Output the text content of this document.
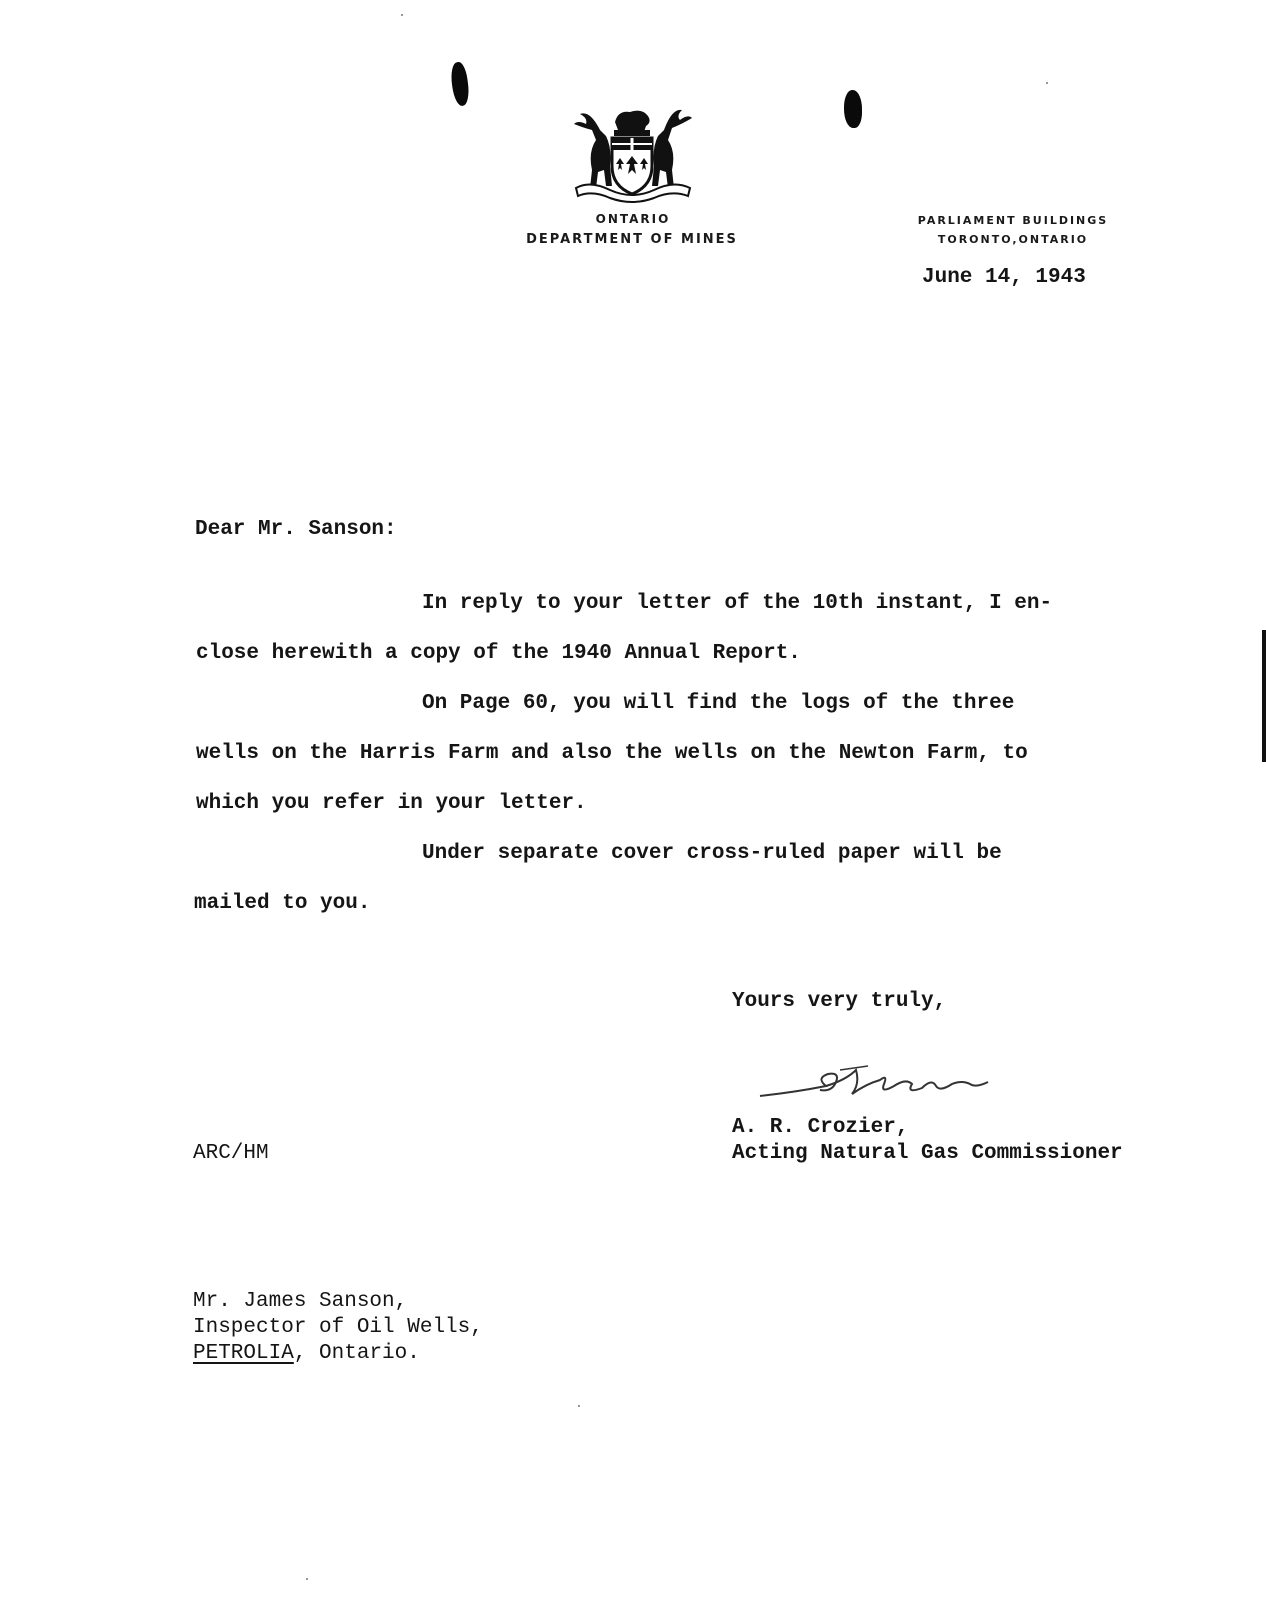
ONTARIO
DEPARTMENT OF MINES
PARLIAMENT BUILDINGS
TORONTO,ONTARIO
June 14, 1943
Dear Mr. Sanson:
In reply to your letter of the 10th instant, I en-
close herewith a copy of the 1940 Annual Report.
On Page 60, you will find the logs of the three
wells on the Harris Farm and also the wells on the Newton Farm, to
which you refer in your letter.
Under separate cover cross-ruled paper will be
mailed to you.
Yours very truly,
A. R. Crozier,
Acting Natural Gas Commissioner
ARC/HM
Mr. James Sanson,
Inspector of Oil Wells,
PETROLIA, Ontario.
